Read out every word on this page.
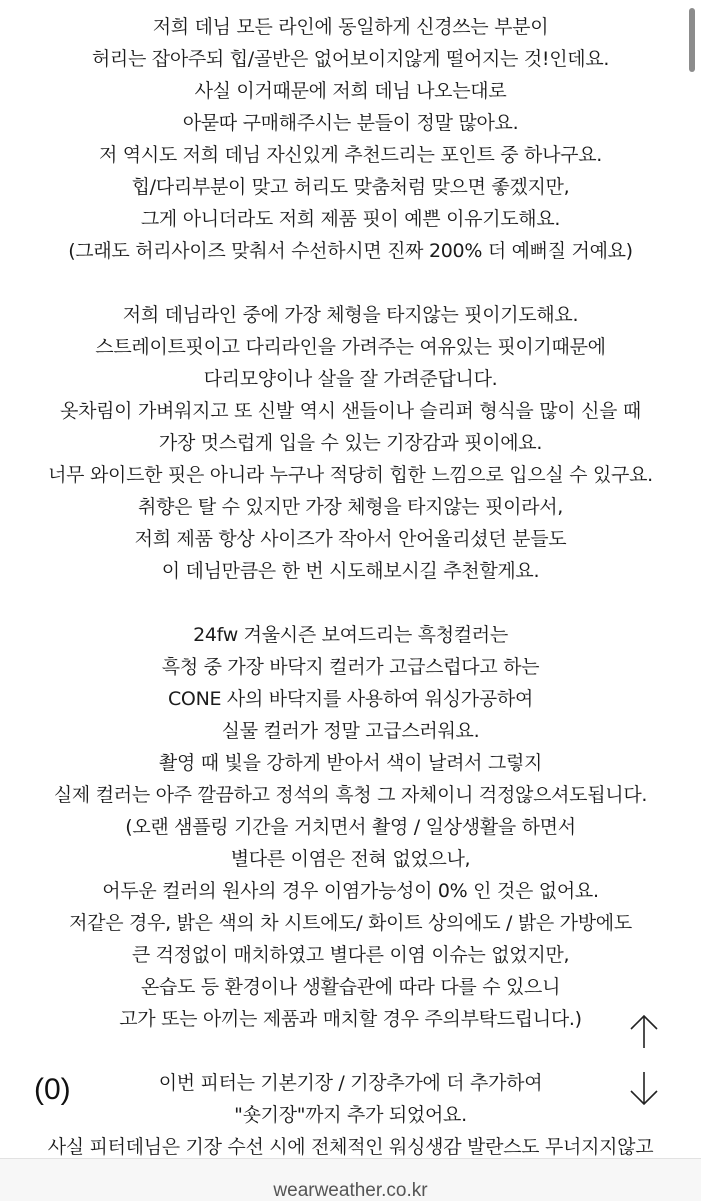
저희 데님 모든 라인에 동일하게 신경쓰는 부분이
허리는 잡아주되 힙/골반은 없어보이지않게 떨어지는 것!인데요.
사실 이거때문에 저희 데님 나오는대로
아묻따 구매해주시는 분들이 정말 많아요.
저 역시도 저희 데님 자신있게 추천드리는 포인트 중 하나구요.
힙/다리부분이 맞고 허리도 맞춤처럼 맞으면 좋겠지만,
그게 아니더라도 저희 제품 핏이 예쁜 이유기도해요.
(그래도 허리사이즈 맞춰서 수선하시면 진짜 200% 더 예뻐질 거예요)
저희 데님라인 중에 가장 체형을 타지않는 핏이기도해요.
스트레이트핏이고 다리라인을 가려주는 여유있는 핏이기때문에
다리모양이나 살을 잘 가려준답니다.
옷차림이 가벼워지고 또 신발 역시 샌들이나 슬리퍼 형식을 많이 신을 때
가장 멋스럽게 입을 수 있는 기장감과 핏이에요.
너무 와이드한 핏은 아니라 누구나 적당히 힙한 느낌으로 입으실 수 있구요.
취향은 탈 수 있지만 가장 체형을 타지않는 핏이라서,
저희 제품 항상 사이즈가 작아서 안어울리셨던 분들도
이 데님만큼은 한 번 시도해보시길 추천할게요.
24fw 겨울시즌 보여드리는 흑청컬러는
흑청 중 가장 바닥지 컬러가 고급스럽다고 하는
CONE 사의 바닥지를 사용하여 워싱가공하여
실물 컬러가 정말 고급스러워요.
촬영 때 빛을 강하게 받아서 색이 날려서 그렇지
실제 컬러는 아주 깔끔하고 정석의 흑청 그 자체이니 걱정않으셔도됩니다.
(오랜 샘플링 기간을 거치면서 촬영 / 일상생활을 하면서
별다른 이염은 전혀 없었으나,
어두운 컬러의 원사의 경우 이염가능성이 0% 인 것은 없어요.
저같은 경우, 밝은 색의 차 시트에도/ 화이트 상의에도 / 밝은 가방에도
큰 걱정없이 매치하였고 별다른 이염 이슈는 없었지만,
온습도 등 환경이나 생활습관에 따라 다를 수 있으니
고가 또는 아끼는 제품과 매치할 경우 주의부탁드립니다.)
이번 피터는 기본기장 / 기장추가에 더 추가하여
"숏기장"까지 추가 되었어요.
사실 피터데님은 기장 수선 시에 전체적인 워싱생감 발란스도 무너지지않고
(0)
wearweather.co.kr
